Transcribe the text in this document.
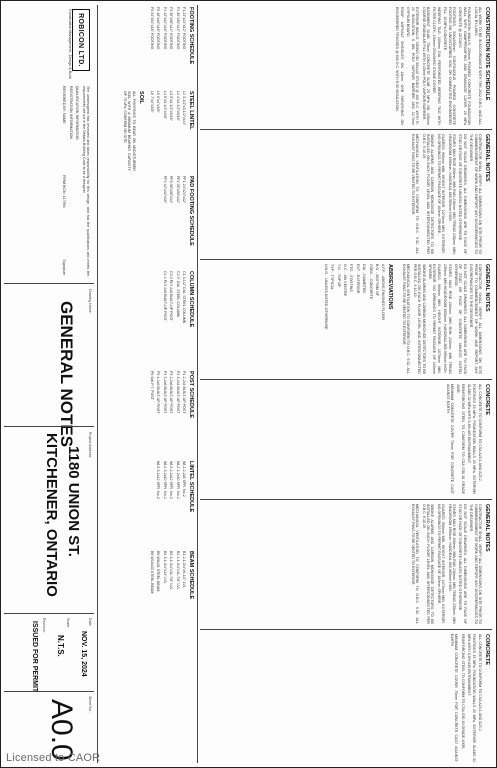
CONSTRUCTION NOTE SCHEDULE
ALL WORK TO BE IN ACCORDANCE WITH THE 2012 O.B.C. AND ALL LOCAL BY-LAWS.
FOUNDATION WALLS: 200mm POURED CONCRETE FOUNDATION WALL WITH DAMPPROOFING AND DRAINAGE LAYER. 20 MPa CONCRETE @ 28 DAYS.
FOOTINGS: 500x200mm CONTINUOUS POURED CONCRETE FOOTING ON UNDISTURBED SOIL OR COMPACTED ENGINEERED FILL. 15 MPa CONCRETE.
WEEPING TILE: 100mm DIA. PERFORATED WEEPING TILE WITH FILTER CLOTH, 150mm CRUSHED STONE COVER.
BASEMENT SLAB: 75mm CONCRETE SLAB 25 MPa ON 100mm COARSE GRANULAR FILL WITH 0.15mm POLY VAPOUR BARRIER.
EXTERIOR WALLS: SIDING ON 38x140 STUDS @ 400 O.C. WITH R-22 INSULATION, 6 MIL POLY VAPOUR BARRIER AND 12.7mm GYPSUM BOARD.
ROOF: ASPHALT SHINGLES ON 11mm OSB SHEATHING ON ENGINEERED TRUSSES @ 600 O.C. WITH R-50 INSULATION.
GENERAL NOTES
CONTRACTOR SHALL VERIFY ALL DIMENSIONS ON SITE PRIOR TO COMMENCEMENT OF WORK AND REPORT ANY DISCREPANCIES TO THE DESIGNER.
DO NOT SCALE DRAWINGS. ALL DIMENSIONS ARE TO FACE OF STUD OR FACE OF CONCRETE UNLESS NOTED OTHERWISE.
STAIRS: MAX RISE 200mm, MIN RUN 210mm, MIN TREAD 235mm, MIN HEADROOM 1950mm. HANDRAIL 865-965mm HIGH.
GUARDS: 900mm MIN. HEIGHT INTERIOR, 1070mm MIN. EXTERIOR. NO OPENINGS TO PERMIT PASSAGE OF 100mm SPHERE.
SMOKE ALARMS AND CARBON MONOXIDE DETECTORS TO BE INSTALLED ON EACH FLOOR LEVEL AND INTERCONNECTED PER O.B.C. 9.10.19.
MECHANICAL VENTILATION TO CONFORM TO O.B.C. 9.32. ALL EXHAUST FANS TO BE VENTED TO EXTERIOR.
GENERAL NOTES
CONTRACTOR SHALL VERIFY ALL DIMENSIONS ON SITE PRIOR TO COMMENCEMENT OF WORK AND REPORT ANY DISCREPANCIES TO THE DESIGNER.
DO NOT SCALE DRAWINGS. ALL DIMENSIONS ARE TO FACE OF STUD OR FACE OF CONCRETE UNLESS NOTED OTHERWISE.
STAIRS: MAX RISE 200mm, MIN RUN 210mm, MIN TREAD 235mm, MIN HEADROOM 1950mm. HANDRAIL 865-965mm HIGH.
GUARDS: 900mm MIN. HEIGHT INTERIOR, 1070mm MIN. EXTERIOR. NO OPENINGS TO PERMIT PASSAGE OF 100mm SPHERE.
SMOKE ALARMS AND CARBON MONOXIDE DETECTORS TO BE INSTALLED ON EACH FLOOR LEVEL AND INTERCONNECTED PER O.B.C. 9.10.19.
MECHANICAL VENTILATION TO CONFORM TO O.B.C. 9.32. ALL EXHAUST FANS TO BE VENTED TO EXTERIOR.
ABBREVIATIONS
A.F.F. - ABOVE FINISHED FLOOR
B.O. - BOTTOM OF
CONC. - CONCRETE
DIA. - DIAMETER
EXT. - EXTERIOR
FTG. - FOOTING
O.C. - ON CENTRE
T.O. - TOP OF
TYP. - TYPICAL
U.N.O. - UNLESS NOTED OTHERWISE
CONCRETE
ALL CONCRETE TO CONFORM TO CSA A23.1 AND A23.2.
FOOTINGS 15 MPa, FOUNDATION WALLS 20 MPa, EXTERIOR SLABS 32 MPa WITH 5-8% AIR ENTRAINMENT.
REINFORCING STEEL TO CONFORM TO CSA G30.18 GRADE 400R.
MINIMUM CONCRETE COVER 75mm FOR CONCRETE CAST AGAINST EARTH.
GENERAL NOTES
CONTRACTOR SHALL VERIFY ALL DIMENSIONS ON SITE PRIOR TO COMMENCEMENT OF WORK AND REPORT ANY DISCREPANCIES TO THE DESIGNER.
DO NOT SCALE DRAWINGS. ALL DIMENSIONS ARE TO FACE OF STUD OR FACE OF CONCRETE UNLESS NOTED OTHERWISE.
STAIRS: MAX RISE 200mm, MIN RUN 210mm, MIN TREAD 235mm, MIN HEADROOM 1950mm. HANDRAIL 865-965mm HIGH.
GUARDS: 900mm MIN. HEIGHT INTERIOR, 1070mm MIN. EXTERIOR. NO OPENINGS TO PERMIT PASSAGE OF 100mm SPHERE.
SMOKE ALARMS AND CARBON MONOXIDE DETECTORS TO BE INSTALLED ON EACH FLOOR LEVEL AND INTERCONNECTED PER O.B.C. 9.10.19.
MECHANICAL VENTILATION TO CONFORM TO O.B.C. 9.32. ALL EXHAUST FANS TO BE VENTED TO EXTERIOR.
CONCRETE
ALL CONCRETE TO CONFORM TO CSA A23.1 AND A23.2.
FOOTINGS 15 MPa, FOUNDATION WALLS 20 MPa, EXTERIOR SLABS 32 MPa WITH 5-8% AIR ENTRAINMENT.
REINFORCING STEEL TO CONFORM TO CSA G30.18 GRADE 400R.
MINIMUM CONCRETE COVER 75mm FOR CONCRETE CAST AGAINST EARTH.
FOOTING SCHEDULE
F1 24"x24"x12" FOOTING
F2 30"x30"x12" FOOTING
F3 36"x36"x14" FOOTING
F4 42"x42"x16" FOOTING
F5 48"x48"x16" FOOTING
F6 54"x54"x18" FOOTING
STEEL LINTEL
L1 3-1/2"x3-1/2"x1/4"
L2 4"x3-1/2"x5/16"
L3 5"x3-1/2"x5/16"
L4 6"x3-1/2"x3/8"
L5 6"x4"x3/8"
L6 7"x4"x3/8"
SOIL
ALL FOOTINGS TO BEAR ON UNDISTURBED SOIL WITH A MINIMUM BEARING CAPACITY OF 75 kPa. CONFIRM ON SITE.
PAD FOOTING SCHEDULE
PF1 24"x24"x12"
PF2 30"x30"x12"
PF3 36"x36"x14"
PF4 42"x42"x16"
COLUMN SCHEDULE
C1 3-1/2" DIA. STEEL COLUMN
C2 4" DIA. STEEL COLUMN
C3 3 PLY 2x6 BUILT-UP POST
C4 4 PLY 2x6 BUILT-UP POST
POST SCHEDULE
P1 2-2x4 BUILT-UP POST
P2 3-2x4 BUILT-UP POST
P3 2-2x6 BUILT-UP POST
P4 3-2x6 BUILT-UP POST
P5 4-2x6 BUILT-UP POST
P6 6x6 P.T. POST
LINTEL SCHEDULE
WL1 2-2x8 SPR. No.2
WL2 2-2x10 SPR. No.2
WL3 2-2x12 SPR. No.2
WL4 3-2x10 SPR. No.2
WL5 3-2x12 SPR. No.2
BEAM SCHEDULE
B1 2-1-3/4"x9-1/2" LVL
B2 2-1-3/4"x11-7/8" LVL
B3 3-1-3/4"x11-7/8" LVL
B4 3-1-3/4"x14" LVL
B5 W8x31 STEEL BEAM
B6 W10x33 STEEL BEAM
ROBICON LTD.
Construction Management - Design & Build
The undersigned has reviewed and takes responsibility for this design, and has the qualifications and meets the requirements set out in the Ontario Building Code to be a designer.
QUALIFICATION INFORMATION
REGISTRATION INFORMATION
REVIEWED BY: NAME
FIRM BCIN: 117994
Signature:
Drawing Name:
GENERAL NOTES	Project Address:
1180 UNION ST.
KITCHENER, ONTARIO
Date:
NOV. 15, 2024
Scale:
N.T.S.
Revision:
ISSUED FOR PERMIT
Sheet No.:
A0.0
Licensed to CAOR
